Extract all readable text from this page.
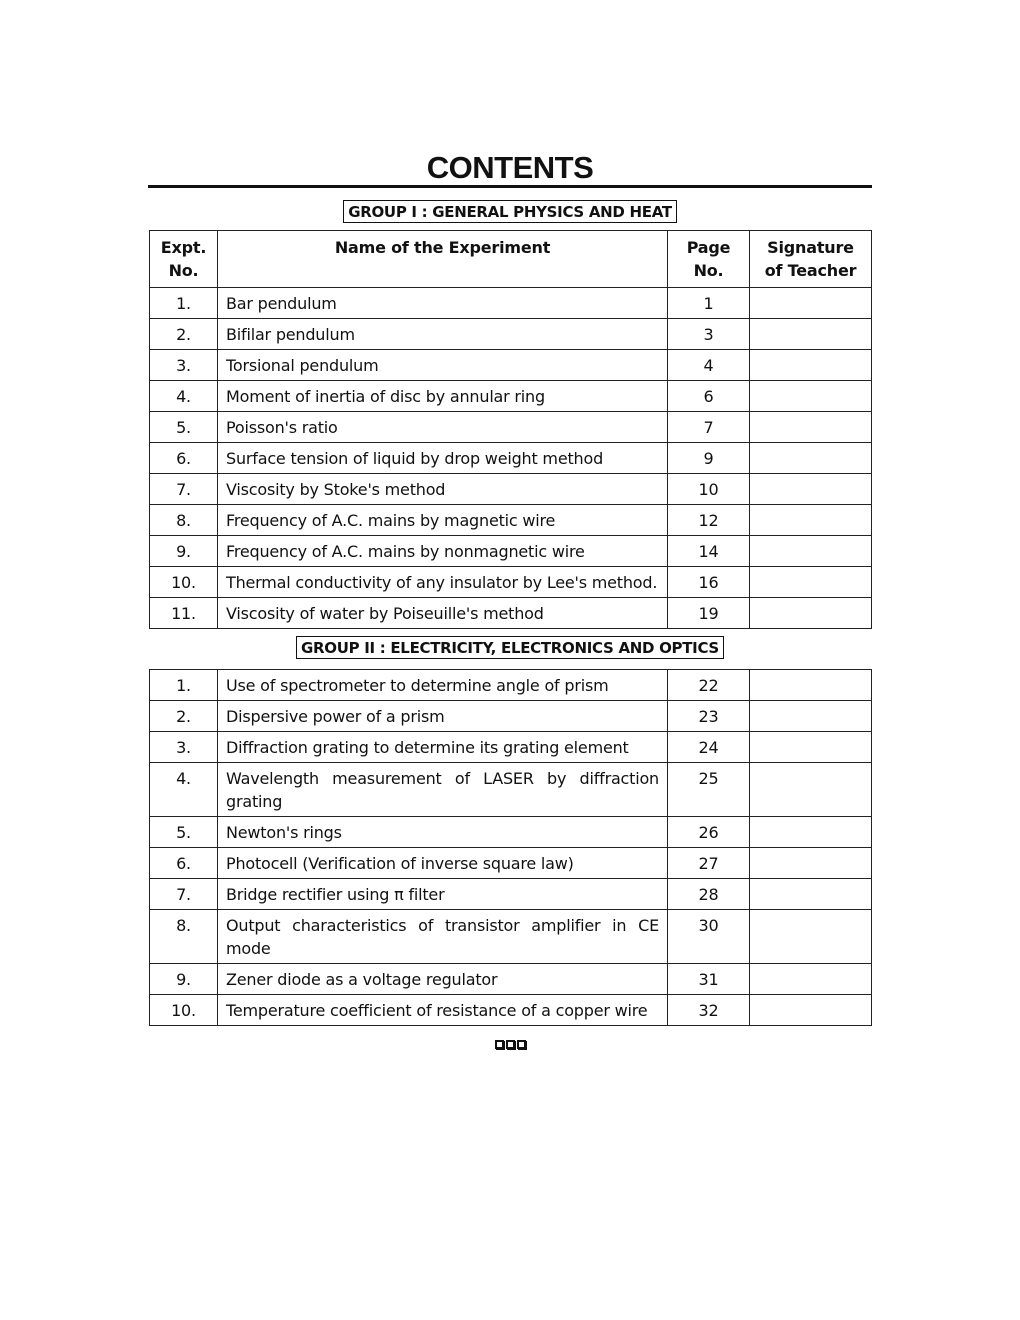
CONTENTS
GROUP I : GENERAL PHYSICS AND HEAT
Expt. No.	Name of the Experiment	Page No.	Signature of Teacher
1.	Bar pendulum	1	
2.	Bifilar pendulum	3	
3.	Torsional pendulum	4	
4.	Moment of inertia of disc by annular ring	6	
5.	Poisson's ratio	7	
6.	Surface tension of liquid by drop weight method	9	
7.	Viscosity by Stoke's method	10	
8.	Frequency of A.C. mains by magnetic wire	12	
9.	Frequency of A.C. mains by nonmagnetic wire	14	
10.	Thermal conductivity of any insulator by Lee's method.	16	
11.	Viscosity of water by Poiseuille's method	19	
GROUP II : ELECTRICITY, ELECTRONICS AND OPTICS
1.	Use of spectrometer to determine angle of prism	22	
2.	Dispersive power of a prism	23	
3.	Diffraction grating to determine its grating element	24	
4.	Wavelength measurement of LASER by diffraction grating	25	
5.	Newton's rings	26	
6.	Photocell (Verification of inverse square law)	27	
7.	Bridge rectifier using π filter	28	
8.	Output characteristics of transistor amplifier in CE mode	30	
9.	Zener diode as a voltage regulator	31	
10.	Temperature coefficient of resistance of a copper wire	32	
